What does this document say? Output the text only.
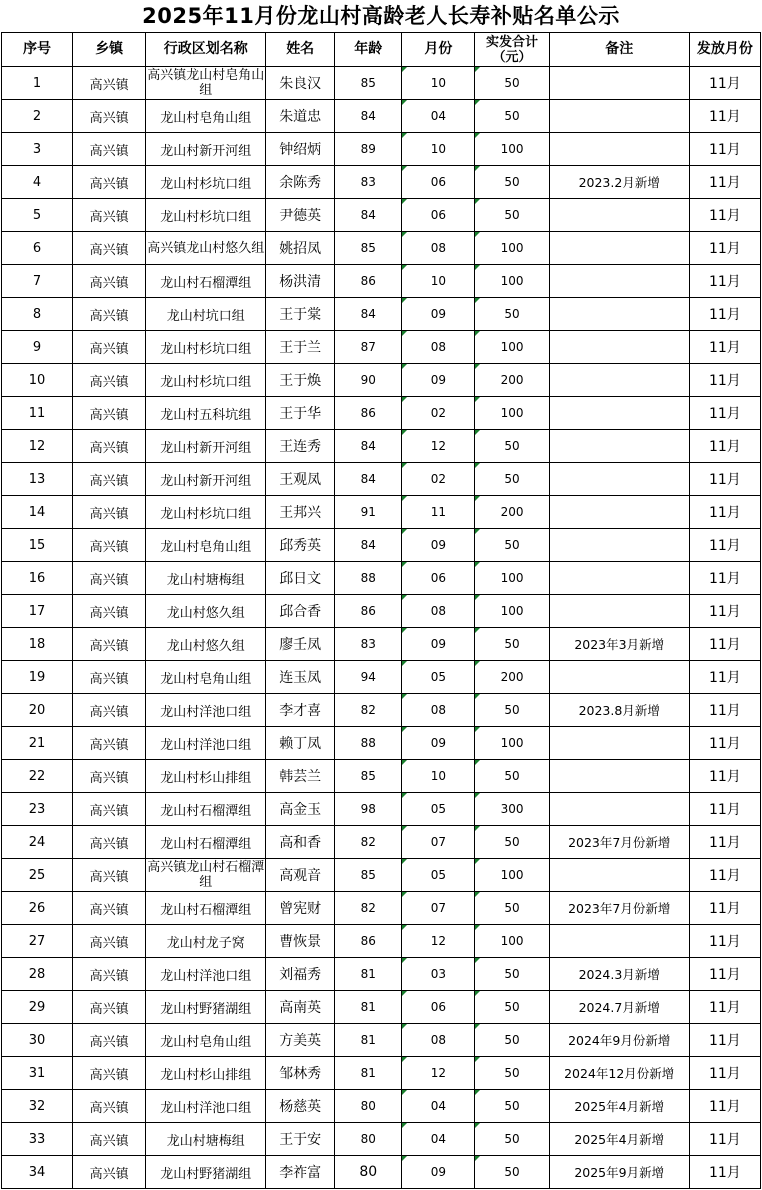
2025年11月份龙山村高龄老人长寿补贴名单公示
序号	乡镇	行政区划名称	姓名	年龄	月份	实发合计（元）	备注	发放月份
1	高兴镇	高兴镇龙山村皂角山组	朱良汉	85	10	50		11月
2	高兴镇	龙山村皂角山组	朱道忠	84	04	50		11月
3	高兴镇	龙山村新开河组	钟绍炳	89	10	100		11月
4	高兴镇	龙山村杉坑口组	余陈秀	83	06	50	2023.2月新增	11月
5	高兴镇	龙山村杉坑口组	尹德英	84	06	50		11月
6	高兴镇	高兴镇龙山村悠久组	姚招凤	85	08	100		11月
7	高兴镇	龙山村石榴潭组	杨洪清	86	10	100		11月
8	高兴镇	龙山村坑口组	王于棠	84	09	50		11月
9	高兴镇	龙山村杉坑口组	王于兰	87	08	100		11月
10	高兴镇	龙山村杉坑口组	王于焕	90	09	200		11月
11	高兴镇	龙山村五科坑组	王于华	86	02	100		11月
12	高兴镇	龙山村新开河组	王连秀	84	12	50		11月
13	高兴镇	龙山村新开河组	王观凤	84	02	50		11月
14	高兴镇	龙山村杉坑口组	王邦兴	91	11	200		11月
15	高兴镇	龙山村皂角山组	邱秀英	84	09	50		11月
16	高兴镇	龙山村塘梅组	邱日文	88	06	100		11月
17	高兴镇	龙山村悠久组	邱合香	86	08	100		11月
18	高兴镇	龙山村悠久组	廖壬凤	83	09	50	2023年3月新增	11月
19	高兴镇	龙山村皂角山组	连玉凤	94	05	200		11月
20	高兴镇	龙山村洋池口组	李才喜	82	08	50	2023.8月新增	11月
21	高兴镇	龙山村洋池口组	赖丁凤	88	09	100		11月
22	高兴镇	龙山村杉山排组	韩芸兰	85	10	50		11月
23	高兴镇	龙山村石榴潭组	高金玉	98	05	300		11月
24	高兴镇	龙山村石榴潭组	高和香	82	07	50	2023年7月份新增	11月
25	高兴镇	高兴镇龙山村石榴潭组	高观音	85	05	100		11月
26	高兴镇	龙山村石榴潭组	曾宪财	82	07	50	2023年7月份新增	11月
27	高兴镇	龙山村龙子窝	曹恢景	86	12	100		11月
28	高兴镇	龙山村洋池口组	刘福秀	81	03	50	2024.3月新增	11月
29	高兴镇	龙山村野猪湖组	高南英	81	06	50	2024.7月新增	11月
30	高兴镇	龙山村皂角山组	方美英	81	08	50	2024年9月份新增	11月
31	高兴镇	龙山村杉山排组	邹林秀	81	12	50	2024年12月份新增	11月
32	高兴镇	龙山村洋池口组	杨慈英	80	04	50	2025年4月新增	11月
33	高兴镇	龙山村塘梅组	王于安	80	04	50	2025年4月新增	11月
34	高兴镇	龙山村野猪湖组	李祚富	80	09	50	2025年9月新增	11月
